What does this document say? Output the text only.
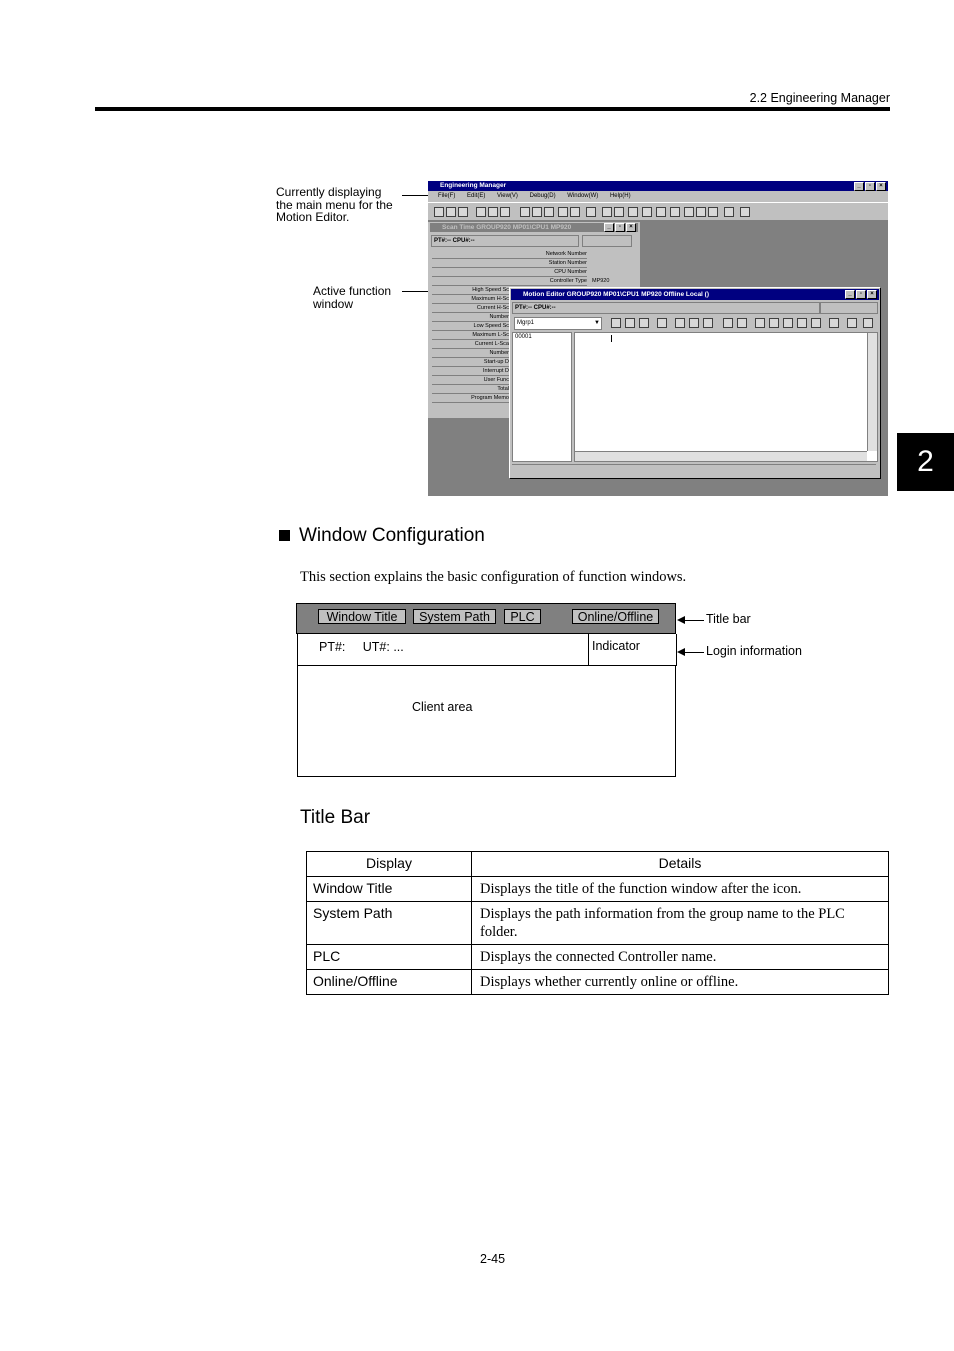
2.2 Engineering Manager
2
Currently displaying
the main menu for the
Motion Editor.
Active function
window
Engineering Manager	_	▫	×
File(F) Edit(E) View(V) Debug(D) Window(W) Help(H)
Scan Time GROUP920 MP01\CPU1 MP920	_	▫	×
PT#:-- CPU#:--
Network Number
Station Number
CPU Number
Controller Type
High Speed Sc
Maximum H-Sc
Current H-Sc
Number
Low Speed Sc
Maximum L-Sc
Current L-Sca
Number
Start-up D
Interrupt D
User Func
Total
Program Memo
MP920
Motion Editor GROUP920 MP01\CPU1 MP920 Offline Local ()	_	▫	×
PT#:-- CPU#:--
Mgrp1	▼
00001
Window Configuration
This section explains the basic configuration of function windows.
Window Title	System Path	PLC	Online/Offline
PT#:     UT#: ...	Indicator
Client area
Title bar
Login information
Title Bar
Display	Details
Window Title	Displays the title of the function window after the icon.
System Path	Displays the path information from the group name to the PLC folder.
PLC	Displays the connected Controller name.
Online/Offline	Displays whether currently online or offline.
2-45
